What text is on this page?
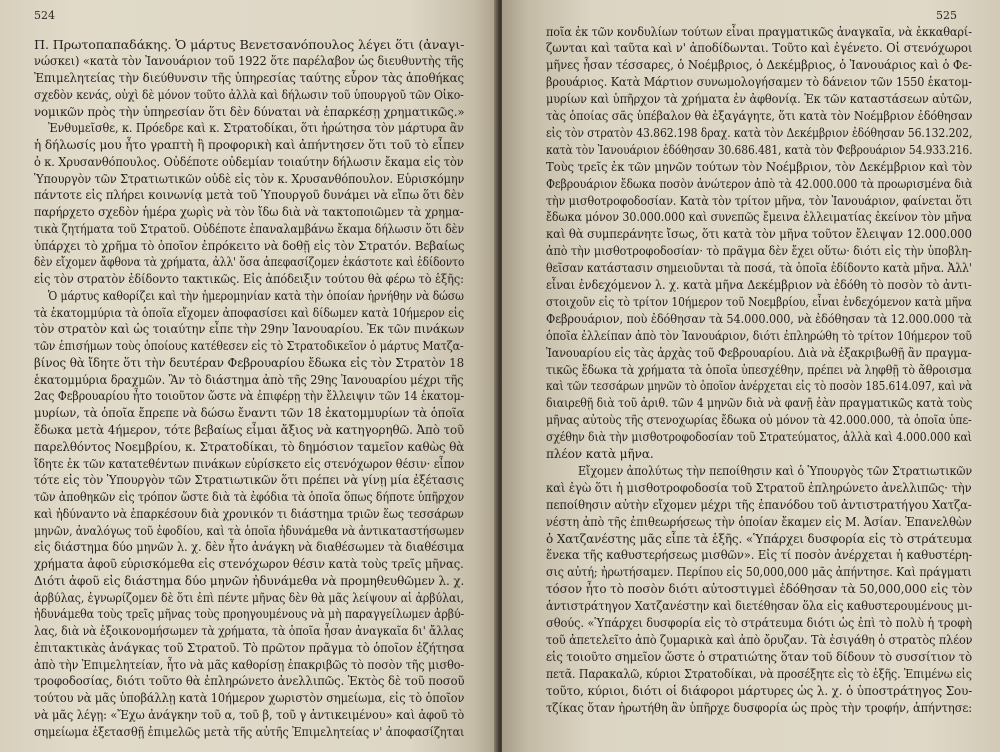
524
Π. Πρωτοπαπαδάκης. Ὁ μάρτυς Βενετσανόπουλος λέγει ὅτι (ἀναγι-
νώσκει) «κατὰ τὸν Ἰανουάριον τοῦ 1922 ὅτε παρέλαβον ὡς διευθυντὴς τῆς
Ἐπιμελητείας τὴν διεύθυνσιν τῆς ὑπηρεσίας ταύτης εὗρον τὰς ἀποθήκας
σχεδὸν κενάς, οὐχὶ δὲ μόνον τοῦτο ἀλλὰ καὶ δήλωσιν τοῦ ὑπουργοῦ τῶν Οἰκο-
νομικῶν πρὸς τὴν ὑπηρεσίαν ὅτι δὲν δύναται νὰ ἐπαρκέσῃ χρηματικῶς.»
Ἐνθυμεῖσθε, κ. Πρόεδρε καὶ κ. Στρατοδίκαι, ὅτι ἠρώτησα τὸν μάρτυρα ἂν
ἡ δήλωσίς μου ἦτο γραπτὴ ἢ προφορικὴ καὶ ἀπήντησεν ὅτι τοῦ τὸ εἶπεν
ὁ κ. Χρυσανθόπουλος. Οὐδέποτε οὐδεμίαν τοιαύτην δήλωσιν ἔκαμα εἰς τὸν
Ὑπουργὸν τῶν Στρατιωτικῶν οὐδὲ εἰς τὸν κ. Χρυσανθόπουλον. Εὑρισκόμην
πάντοτε εἰς πλήρει κοινωνίᾳ μετὰ τοῦ Ὑπουργοῦ δυνάμει νὰ εἴπω ὅτι δὲν
παρήρχετο σχεδὸν ἡμέρα χωρὶς νὰ τὸν ἴδω διὰ νὰ τακτοποιῶμεν τὰ χρημα-
τικὰ ζητήματα τοῦ Στρατοῦ. Οὐδέποτε ἐπαναλαμβάνω ἔκαμα δήλωσιν ὅτι δὲν
ὑπάρχει τὸ χρῆμα τὸ ὁποῖον ἐπρόκειτο νὰ δοθῇ εἰς τὸν Στρατόν. Βεβαίως
δὲν εἴχομεν ἄφθονα τὰ χρήματα, ἀλλ' ὅσα ἀπεφασίζομεν ἑκάστοτε καὶ ἐδίδοντο
εἰς τὸν στρατὸν ἐδίδοντο τακτικῶς. Εἰς ἀπόδειξιν τούτου θὰ φέρω τὸ ἑξῆς:
Ὁ μάρτυς καθορίζει καὶ τὴν ἡμερομηνίαν κατὰ τὴν ὁποίαν ἠρνήθην νὰ δώσω
τὰ ἑκατομμύρια τὰ ὁποῖα εἴχομεν ἀποφασίσει καὶ δίδωμεν κατὰ 10ήμερον εἰς
τὸν στρατὸν καὶ ὡς τοιαύτην εἶπε τὴν 29ην Ἰανουαρίου. Ἐκ τῶν πινάκων
τῶν ἐπισήμων τοὺς ὁποίους κατέθεσεν εἰς τὸ Στρατοδικεῖον ὁ μάρτυς Ματζα-
βίνος θὰ ἴδητε ὅτι τὴν δευτέραν Φεβρουαρίου ἔδωκα εἰς τὸν Στρατὸν 18
ἑκατομμύρια δραχμῶν. Ἂν τὸ διάστημα ἀπὸ τῆς 29ης Ἰανουαρίου μέχρι τῆς
2ας Φεβρουαρίου ἦτο τοιοῦτον ὥστε νὰ ἐπιφέρῃ τὴν ἔλλειψιν τῶν 14 ἑκατομ-
μυρίων, τὰ ὁποῖα ἔπρεπε νὰ δώσω ἔναντι τῶν 18 ἑκατομμυρίων τὰ ὁποῖα
ἔδωκα μετὰ 4ήμερον, τότε βεβαίως εἶμαι ἄξιος νὰ κατηγορηθῶ. Ἀπὸ τοῦ
παρελθόντος Νοεμβρίου, κ. Στρατοδίκαι, τὸ δημόσιον ταμεῖον καθὼς θὰ
ἴδητε ἐκ τῶν κατατεθέντων πινάκων εὑρίσκετο εἰς στενόχωρον θέσιν· εἶπον
τότε εἰς τὸν Ὑπουργὸν τῶν Στρατιωτικῶν ὅτι πρέπει νὰ γίνῃ μία ἐξέτασις
τῶν ἀποθηκῶν εἰς τρόπον ὥστε διὰ τὰ ἐφόδια τὰ ὁποῖα ὅπως δήποτε ὑπῆρχον
καὶ ἠδύναντο νὰ ἐπαρκέσουν διὰ χρονικόν τι διάστημα τριῶν ἕως τεσσάρων
μηνῶν, ἀναλόγως τοῦ ἐφοδίου, καὶ τὰ ὁποῖα ἠδυνάμεθα νὰ ἀντικαταστήσωμεν
εἰς διάστημα δύο μηνῶν λ. χ. δὲν ἦτο ἀνάγκη νὰ διαθέσωμεν τὰ διαθέσιμα
χρήματα ἀφοῦ εὑρισκόμεθα εἰς στενόχωρον θέσιν κατὰ τοὺς τρεῖς μῆνας.
Διότι ἀφοῦ εἰς διάστημα δύο μηνῶν ἠδυνάμεθα νὰ προμηθευθῶμεν λ. χ.
ἀρβύλας, ἐγνωρίζομεν δὲ ὅτι ἐπὶ πέντε μῆνας δὲν θὰ μᾶς λείψουν αἱ ἀρβύλαι,
ἠδυνάμεθα τοὺς τρεῖς μῆνας τοὺς προηγουμένους νὰ μὴ παραγγείλωμεν ἀρβύ-
λας, διὰ νὰ ἐξοικονομήσωμεν τὰ χρήματα, τὰ ὁποῖα ἦσαν ἀναγκαῖα δι' ἄλλας
ἐπιτακτικὰς ἀνάγκας τοῦ Στρατοῦ. Τὸ πρῶτον πρᾶγμα τὸ ὁποῖον ἐζήτησα
ἀπὸ τὴν Ἐπιμελητείαν, ἦτο νὰ μᾶς καθορίσῃ ἐπακριβῶς τὸ ποσὸν τῆς μισθο-
τροφοδοσίας, διότι τοῦτο θὰ ἐπληρώνετο ἀνελλιπῶς. Ἐκτὸς δὲ τοῦ ποσοῦ
τούτου νὰ μᾶς ὑποβάλλῃ κατὰ 10ήμερον χωριστὸν σημείωμα, εἰς τὸ ὁποῖον
νὰ μᾶς λέγῃ: «Ἔχω ἀνάγκην τοῦ α, τοῦ β, τοῦ γ ἀντικειμένου» καὶ ἀφοῦ τὸ
σημείωμα ἐξετασθῇ ἐπιμελῶς μετὰ τῆς αὐτῆς Ἐπιμελητείας ν' ἀποφασίζηται
525
ποῖα ἐκ τῶν κονδυλίων τούτων εἶναι πραγματικῶς ἀναγκαῖα, νὰ ἐκκαθαρί-
ζωνται καὶ ταῦτα καὶ ν' ἀποδίδωνται. Τοῦτο καὶ ἐγένετο. Οἱ στενόχωροι
μῆνες ἦσαν τέσσαρες, ὁ Νοέμβριος, ὁ Δεκέμβριος, ὁ Ἰανουάριος καὶ ὁ Φε-
βρουάριος. Κατὰ Μάρτιον συνωμολογήσαμεν τὸ δάνειον τῶν 1550 ἑκατομ-
μυρίων καὶ ὑπῆρχον τὰ χρήματα ἐν ἀφθονίᾳ. Ἐκ τῶν καταστάσεων αὐτῶν,
τὰς ὁποίας σᾶς ὑπέβαλον θὰ ἐξαγάγητε, ὅτι κατὰ τὸν Νοέμβριον ἐδόθησαν
εἰς τὸν στρατὸν 43.862.198 δραχ. κατὰ τὸν Δεκέμβριον ἐδόθησαν 56.132.202,
κατὰ τὸν Ἰανουάριον ἐδόθησαν 30.686.481, κατὰ τὸν Φεβρουάριον 54.933.216.
Τοὺς τρεῖς ἐκ τῶν μηνῶν τούτων τὸν Νοέμβριον, τὸν Δεκέμβριον καὶ τὸν
Φεβρουάριον ἔδωκα ποσὸν ἀνώτερον ἀπὸ τὰ 42.000.000 τὰ προωρισμένα διὰ
τὴν μισθοτροφοδοσίαν. Κατὰ τὸν τρίτον μῆνα, τὸν Ἰανουάριον, φαίνεται ὅτι
ἔδωκα μόνον 30.000.000 καὶ συνεπῶς ἔμεινα ἐλλειματίας ἐκείνον τὸν μῆνα
καὶ θὰ συμπεράνητε ἴσως, ὅτι κατὰ τὸν μῆνα τοῦτον ἔλειψαν 12.000.000
ἀπὸ τὴν μισθοτροφοδοσίαν· τὸ πρᾶγμα δὲν ἔχει οὕτω· διότι εἰς τὴν ὑποβλη-
θεῖσαν κατάστασιν σημειοῦνται τὰ ποσά, τὰ ὁποῖα ἐδίδοντο κατὰ μῆνα. Ἀλλ'
εἶναι ἐνδεχόμενον λ. χ. κατὰ μῆνα Δεκέμβριον νὰ ἐδόθη τὸ ποσὸν τὸ ἀντι-
στοιχοῦν εἰς τὸ τρίτον 10ήμερον τοῦ Νοεμβρίου, εἶναι ἐνδεχόμενον κατὰ μῆνα
Φεβρουάριον, ποὺ ἐδόθησαν τὰ 54.000.000, νὰ ἐδόθησαν τὰ 12.000.000 τὰ
ὁποῖα ἐλλείπαν ἀπὸ τὸν Ἰανουάριον, διότι ἐπληρώθη τὸ τρίτον 10ήμερον τοῦ
Ἰανουαρίου εἰς τὰς ἀρχὰς τοῦ Φεβρουαρίου. Διὰ νὰ ἐξακριβωθῇ ἂν πραγμα-
τικῶς ἔδωκα τὰ χρήματα τὰ ὁποῖα ὑπεσχέθην, πρέπει νὰ ληφθῇ τὸ ἄθροισμα
καὶ τῶν τεσσάρων μηνῶν τὸ ὁποῖον ἀνέρχεται εἰς τὸ ποσὸν 185.614.097, καὶ νὰ
διαιρεθῇ διὰ τοῦ ἀριθ. τῶν 4 μηνῶν διὰ νὰ φανῇ ἐὰν πραγματικῶς κατὰ τοὺς
μῆνας αὐτοὺς τῆς στενοχωρίας ἔδωκα οὐ μόνον τὰ 42.000.000, τὰ ὁποῖα ὑπε-
σχέθην διὰ τὴν μισθοτροφοδοσίαν τοῦ Στρατεύματος, ἀλλὰ καὶ 4.000.000 καὶ
πλέον κατὰ μῆνα.
Εἴχομεν ἀπολύτως τὴν πεποίθησιν καὶ ὁ Ὑπουργὸς τῶν Στρατιωτικῶν
καὶ ἐγὼ ὅτι ἡ μισθοτροφοδοσία τοῦ Στρατοῦ ἐπληρώνετο ἀνελλιπῶς· τὴν
πεποίθησιν αὐτὴν εἴχομεν μέχρι τῆς ἐπανόδου τοῦ ἀντιστρατήγου Χατζα-
νέστη ἀπὸ τῆς ἐπιθεωρήσεως τὴν ὁποίαν ἔκαμεν εἰς Μ. Ἀσίαν. Ἐπανελθὼν
ὁ Χατζανέστης μᾶς εἶπε τὰ ἑξῆς. «Ὑπάρχει δυσφορία εἰς τὸ στράτευμα
ἕνεκα τῆς καθυστερήσεως μισθῶν». Εἰς τί ποσὸν ἀνέρχεται ἡ καθυστέρη-
σις αὐτή; ἠρωτήσαμεν. Περίπου εἰς 50,000,000 μᾶς ἀπήντησε. Καὶ πράγματι
τόσον ἦτο τὸ ποσὸν διότι αὐτοστιγμεὶ ἐδόθησαν τὰ 50,000,000 εἰς τὸν
ἀντιστράτηγον Χατζανέστην καὶ διετέθησαν ὅλα εἰς καθυστερουμένους μι-
σθούς. «Ὑπάρχει δυσφορία εἰς τὸ στράτευμα διότι ὡς ἐπὶ τὸ πολὺ ἡ τροφὴ
τοῦ ἀπετελεῖτο ἀπὸ ζυμαρικὰ καὶ ἀπὸ ὄρυζαν. Τὰ ἐσιγάθη ὁ στρατὸς πλέον
εἰς τοιοῦτο σημεῖον ὥστε ὁ στρατιώτης ὅταν τοῦ δίδουν τὸ συσσίτιον τὸ
πετᾶ. Παρακαλῶ, κύριοι Στρατοδίκαι, νὰ προσέξητε εἰς τὸ ἑξῆς. Ἐπιμένω εἰς
τοῦτο, κύριοι, διότι οἱ διάφοροι μάρτυρες ὡς λ. χ. ὁ ὑποστράτηγος Σου-
τζίκας ὅταν ἠρωτήθη ἂν ὑπῆρχε δυσφορία ὡς πρὸς τὴν τροφήν, ἀπήντησε:
